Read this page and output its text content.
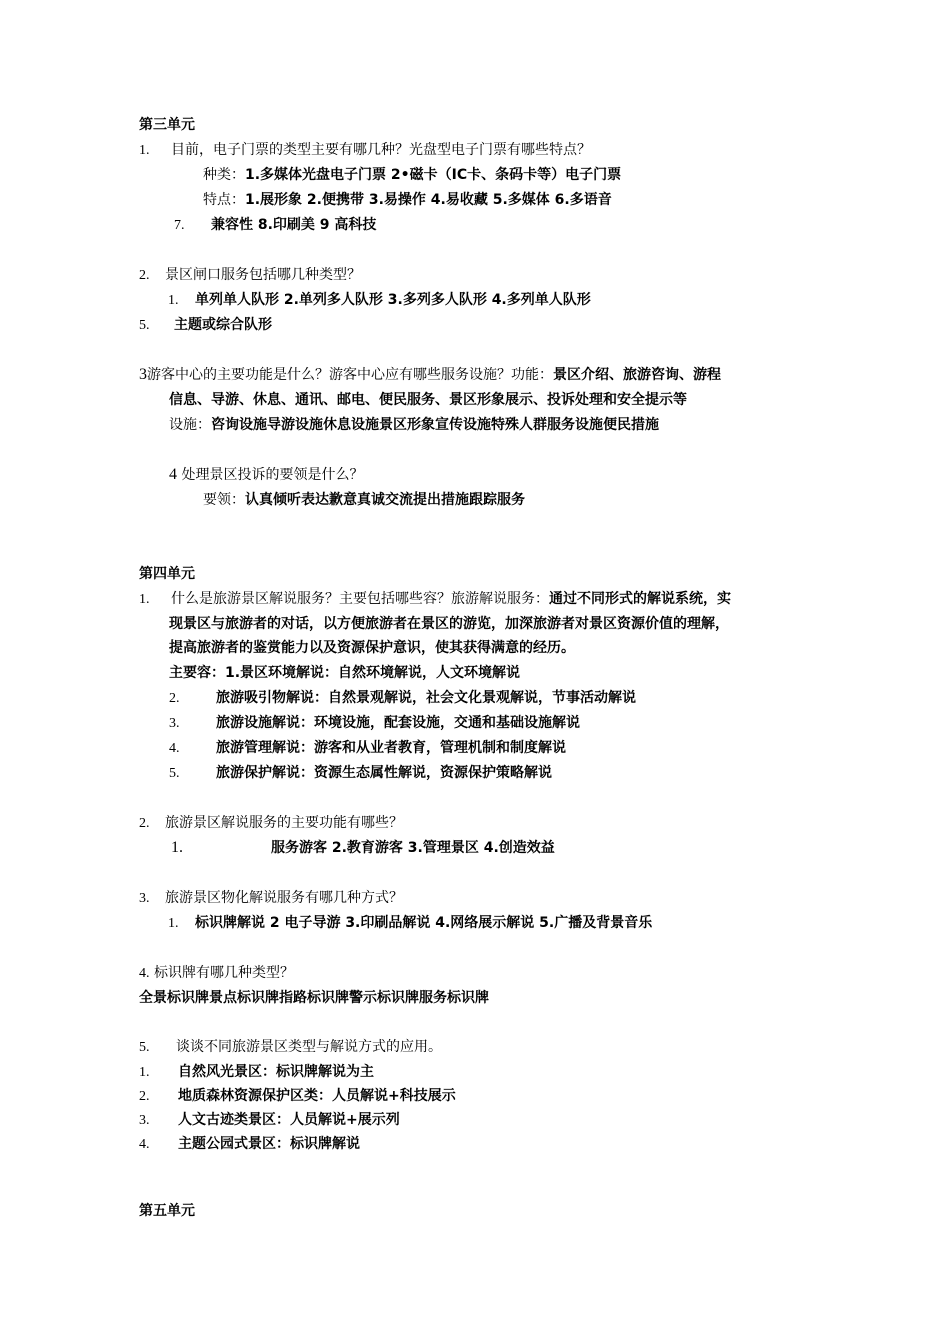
第三单元
1. 目前，电子门票的类型主要有哪几种？光盘型电子门票有哪些特点？
种类：1.多媒体光盘电子门票 2•磁卡（IC卡、条码卡等）电子门票
特点：1.展形象 2.便携带 3.易操作 4.易收藏 5.多媒体 6.多语音
7. 兼容性 8.印刷美 9 高科技
2. 景区闸口服务包括哪几种类型？
1. 单列单人队形 2.单列多人队形 3.多列多人队形 4.多列单人队形
5. 主题或综合队形
3游客中心的主要功能是什么？游客中心应有哪些服务设施？功能：景区介绍、旅游咨询、游程
信息、导游、休息、通讯、邮电、便民服务、景区形象展示、投诉处理和安全提示等
设施：咨询设施导游设施休息设施景区形象宣传设施特殊人群服务设施便民措施
4 处理景区投诉的要领是什么？
要领：认真倾听表达歉意真诚交流提出措施跟踪服务
第四单元
1. 什么是旅游景区解说服务？主要包括哪些容？旅游解说服务：通过不同形式的解说系统，实
现景区与旅游者的对话，以方便旅游者在景区的游览，加深旅游者对景区资源价值的理解，
提高旅游者的鉴赏能力以及资源保护意识，使其获得满意的经历。
主要容：1.景区环境解说：自然环境解说，人文环境解说
2.	旅游吸引物解说：自然景观解说，社会文化景观解说，节事活动解说
3.	旅游设施解说：环境设施，配套设施，交通和基础设施解说
4.	旅游管理解说：游客和从业者教育，管理机制和制度解说
5.	旅游保护解说：资源生态属性解说，资源保护策略解说
2. 旅游景区解说服务的主要功能有哪些？
1.	服务游客 2.教育游客 3.管理景区 4.创造效益
3. 旅游景区物化解说服务有哪几种方式？
1. 标识牌解说 2 电子导游 3.印刷品解说 4.网络展示解说 5.广播及背景音乐
4. 标识牌有哪几种类型？
全景标识牌景点标识牌指路标识牌警示标识牌服务标识牌
5. 谈谈不同旅游景区类型与解说方式的应用。
1. 自然风光景区：标识牌解说为主
2. 地质森林资源保护区类：人员解说+科技展示
3. 人文古迹类景区：人员解说+展示列
4. 主题公园式景区：标识牌解说
第五单元
